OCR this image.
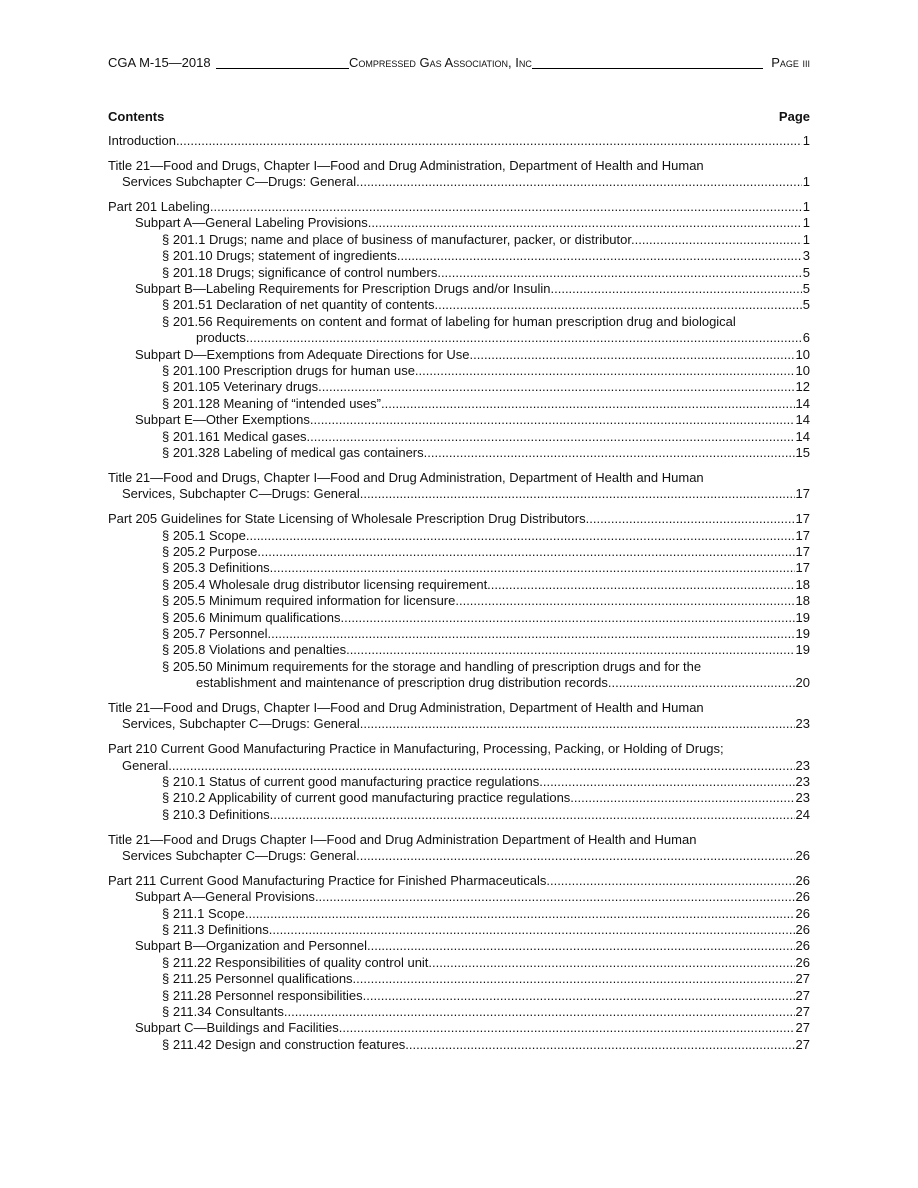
CGA M-15—2018	Compressed Gas Association, Inc	Page iii
Contents	Page
Introduction .....	1
Title 21—Food and Drugs, Chapter I—Food and Drug Administration, Department of Health and Human
Services Subchapter C—Drugs: General .....	1
Part 201 Labeling .....	1
Subpart A—General Labeling Provisions .....	1
§ 201.1 Drugs; name and place of business of manufacturer, packer, or distributor. .....	1
§ 201.10 Drugs; statement of ingredients. .....	3
§ 201.18 Drugs; significance of control numbers. .....	5
Subpart B—Labeling Requirements for Prescription Drugs and/or Insulin .....	5
§ 201.51 Declaration of net quantity of contents. .....	5
§ 201.56 Requirements on content and format of labeling for human prescription drug and biological
products. .....	6
Subpart D—Exemptions from Adequate Directions for Use .....	10
§ 201.100 Prescription drugs for human use. .....	10
§ 201.105 Veterinary drugs. .....	12
§ 201.128 Meaning of “intended uses”. .....	14
Subpart E—Other Exemptions .....	14
§ 201.161 Medical gases. .....	14
§ 201.328 Labeling of medical gas containers. .....	15
Title 21—Food and Drugs, Chapter I—Food and Drug Administration, Department of Health and Human
Services, Subchapter C—Drugs: General .....	17
Part 205 Guidelines for State Licensing of Wholesale Prescription Drug Distributors .....	17
§ 205.1 Scope. .....	17
§ 205.2 Purpose. .....	17
§ 205.3 Definitions. .....	17
§ 205.4 Wholesale drug distributor licensing requirement. .....	18
§ 205.5 Minimum required information for licensure. .....	18
§ 205.6 Minimum qualifications. .....	19
§ 205.7 Personnel. .....	19
§ 205.8 Violations and penalties. .....	19
§ 205.50 Minimum requirements for the storage and handling of prescription drugs and for the
establishment and maintenance of prescription drug distribution records. .....	20
Title 21—Food and Drugs, Chapter I—Food and Drug Administration, Department of Health and Human
Services, Subchapter C—Drugs: General .....	23
Part 210 Current Good Manufacturing Practice in Manufacturing, Processing, Packing, or Holding of Drugs;
General .....	23
§ 210.1 Status of current good manufacturing practice regulations. .....	23
§ 210.2 Applicability of current good manufacturing practice regulations. .....	23
§ 210.3 Definitions. .....	24
Title 21—Food and Drugs Chapter I—Food and Drug Administration Department of Health and Human
Services Subchapter C—Drugs: General .....	26
Part 211 Current Good Manufacturing Practice for Finished Pharmaceuticals .....	26
Subpart A—General Provisions .....	26
§ 211.1 Scope. .....	26
§ 211.3 Definitions. .....	26
Subpart B—Organization and Personnel .....	26
§ 211.22 Responsibilities of quality control unit. .....	26
§ 211.25 Personnel qualifications. .....	27
§ 211.28 Personnel responsibilities. .....	27
§ 211.34 Consultants. .....	27
Subpart C—Buildings and Facilities .....	27
§ 211.42 Design and construction features. .....	27
